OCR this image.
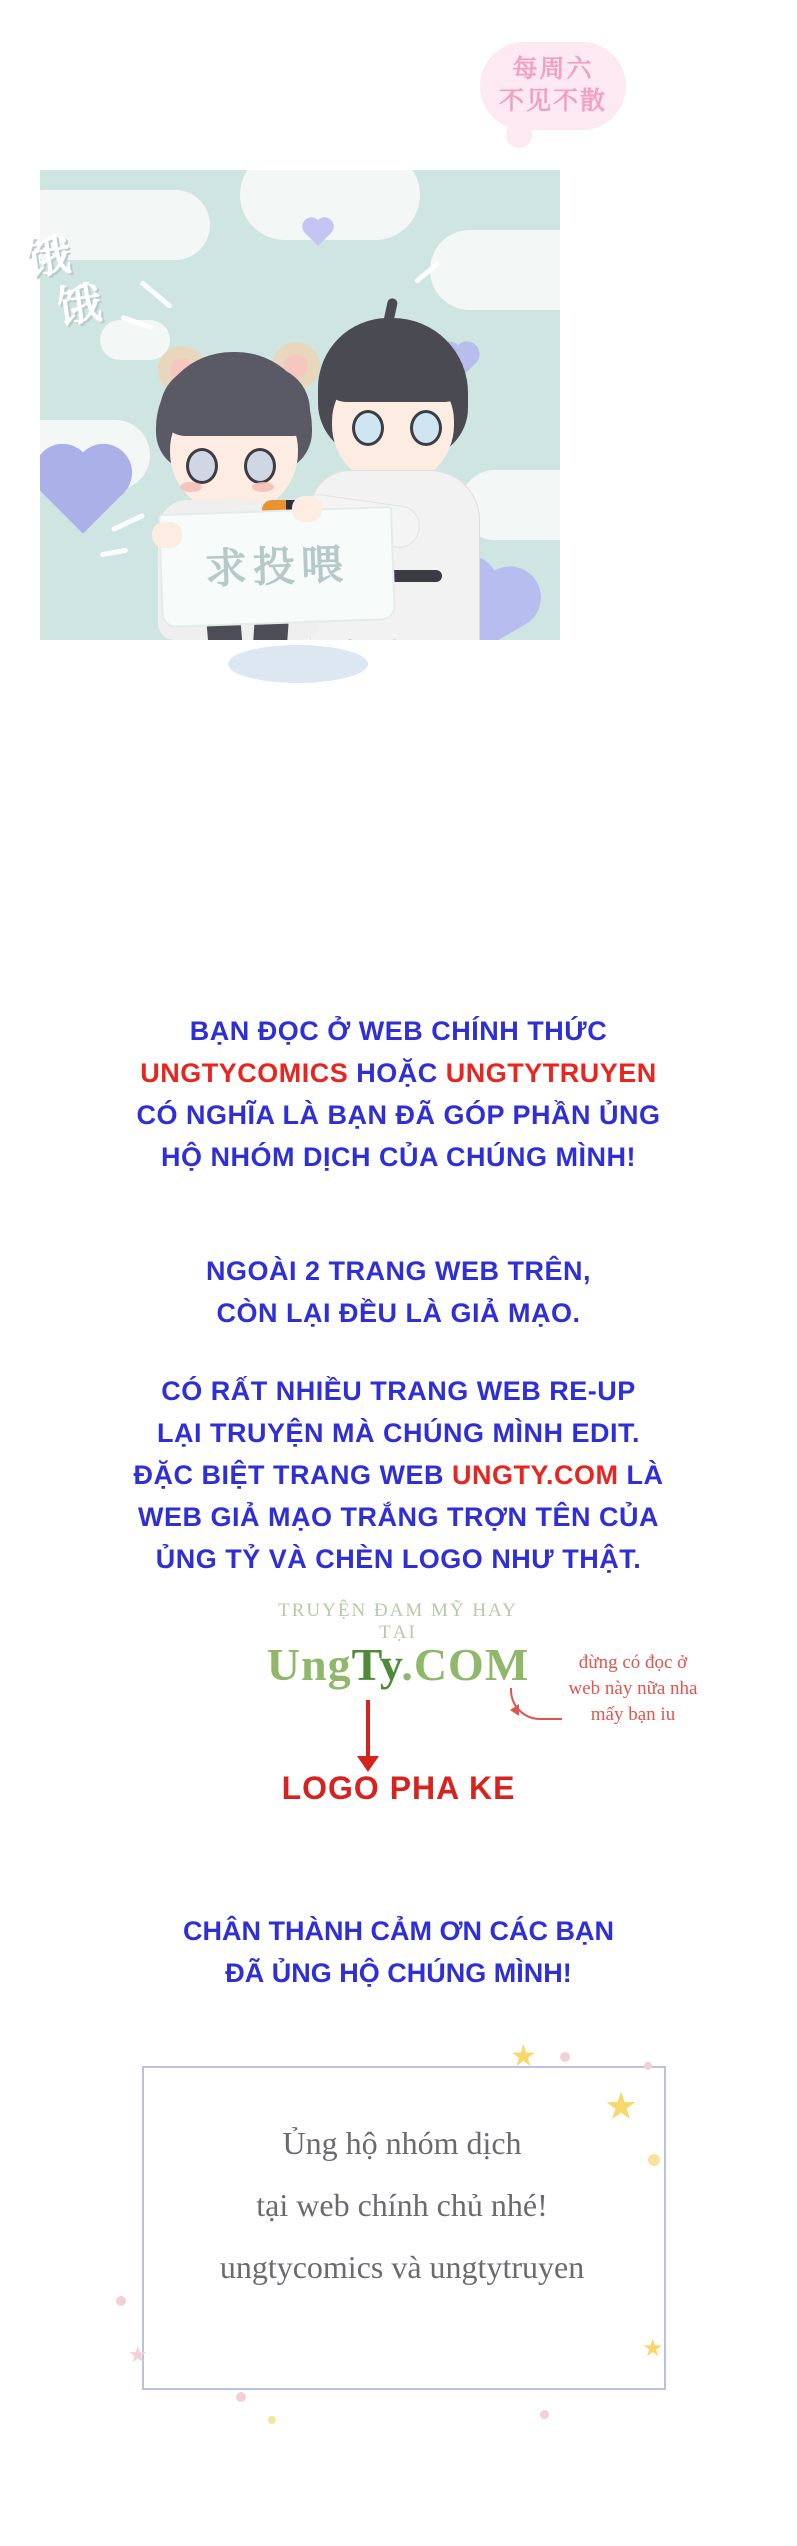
每周六
不见不散
求投喂
饿
饿
BẠN ĐỌC Ở WEB CHÍNH THỨC
UNGTYCOMICS HOẶC UNGTYTRUYEN
CÓ NGHĨA LÀ BẠN ĐÃ GÓP PHẦN ỦNG
HỘ NHÓM DỊCH CỦA CHÚNG MÌNH!
NGOÀI 2 TRANG WEB TRÊN,
CÒN LẠI ĐỀU LÀ GIẢ MẠO.
CÓ RẤT NHIỀU TRANG WEB RE-UP
LẠI TRUYỆN MÀ CHÚNG MÌNH EDIT.
ĐẶC BIỆT TRANG WEB UNGTY.COM LÀ
WEB GIẢ MẠO TRẮNG TRỢN TÊN CỦA
ỦNG TỶ VÀ CHÈN LOGO NHƯ THẬT.
TRUYỆN ĐAM MỸ HAY TẠI
UngTy.COM	đừng có đọc ở
web này nữa nha
mấy bạn iu
LOGO PHA KE
CHÂN THÀNH CẢM ƠN CÁC BẠN
ĐÃ ỦNG HỘ CHÚNG MÌNH!
Ủng hộ nhóm dịch
tại web chính chủ nhé!
ungtycomics và ungtytruyen
★
★
★	★
